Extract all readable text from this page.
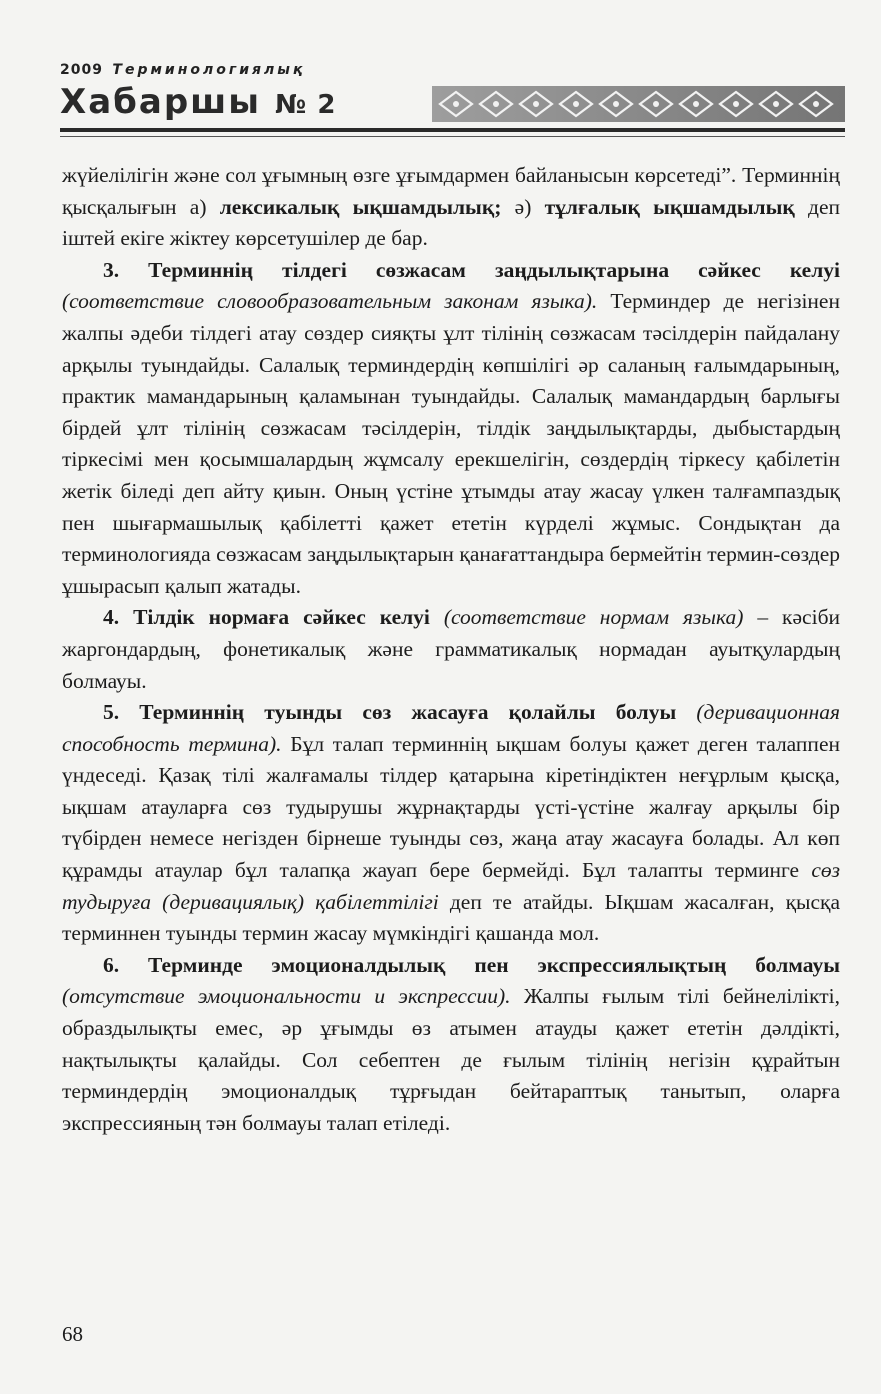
2009 Терминологиялық
Хабаршы № 2

жүйелілігін және сол ұғымның өзге ұғымдармен байланысын көрсетеді”. Терминнің қысқалығын а) лексикалық ықшамдылық; ә) тұлғалық ықшамдылық деп іштей екіге жіктеу көрсетушілер де бар.

3. Терминнің тілдегі сөзжасам заңдылықтарына сәйкес келуі (соответствие словообразовательным законам языка). Терминдер де негізінен жалпы әдеби тілдегі атау сөздер сияқты ұлт тілінің сөзжасам тәсілдерін пайдалану арқылы туындайды. Салалық терминдердің көпшілігі әр саланың ғалымдарының, практик мамандарының қаламынан туындайды. Салалық мамандардың барлығы бірдей ұлт тілінің сөзжасам тәсілдерін, тілдік заңдылықтарды, дыбыстардың тіркесімі мен қосымшалардың жұмсалу ерекшелігін, сөздердің тіркесу қабілетін жетік біледі деп айту қиын. Оның үстіне ұтымды атау жасау үлкен талғампаздық пен шығармашылық қабілетті қажет ететін күрделі жұмыс. Сондықтан да терминологияда сөзжасам заңдылықтарын қанағаттандыра бермейтін термин-сөздер ұшырасып қалып жатады.

4. Тілдік нормаға сәйкес келуі (соответствие нормам языка) – кәсіби жаргондардың, фонетикалық және грамматикалық нормадан ауытқулардың болмауы.

5. Терминнің туынды сөз жасауға қолайлы болуы (деривационная способность термина). Бұл талап терминнің ықшам болуы қажет деген талаппен үндеседі. Қазақ тілі жалғамалы тілдер қатарына кіретіндіктен неғұрлым қысқа, ықшам атауларға сөз тудырушы жұрнақтарды үсті-үстіне жалғау арқылы бір түбірден немесе негізден бірнеше туынды сөз, жаңа атау жасауға болады. Ал көп құрамды атаулар бұл талапқа жауап бере бермейді. Бұл талапты терминге сөз тудыруға (деривациялық) қабілеттілігі деп те атайды. Ықшам жасалған, қысқа терминнен туынды термин жасау мүмкіндігі қашанда мол.

6. Терминде эмоционалдылық пен экспрессиялықтың болмауы (отсутствие эмоциональности и экспрессии). Жалпы ғылым тілі бейнелілікті, образдылықты емес, әр ұғымды өз атымен атауды қажет ететін дәлдікті, нақтылықты қалайды. Сол себептен де ғылым тілінің негізін құрайтын терминдердің эмоционалдық тұрғыдан бейтараптық танытып, оларға экспрессияның тән болмауы талап етіледі.

68
